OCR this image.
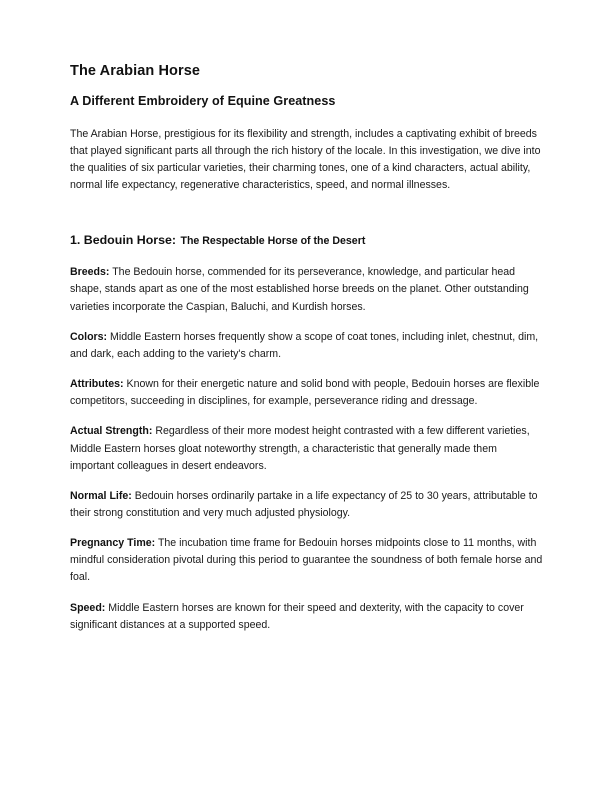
The Arabian Horse
A Different Embroidery of Equine Greatness

The Arabian Horse, prestigious for its flexibility and strength, includes a captivating exhibit of breeds that played significant parts all through the rich history of the locale. In this investigation, we dive into the qualities of six particular varieties, their charming tones, one of a kind characters, actual ability, normal life expectancy, regenerative characteristics, speed, and normal illnesses.

1. Bedouin Horse: The Respectable Horse of the Desert

Breeds: The Bedouin horse, commended for its perseverance, knowledge, and particular head shape, stands apart as one of the most established horse breeds on the planet. Other outstanding varieties incorporate the Caspian, Baluchi, and Kurdish horses.

Colors: Middle Eastern horses frequently show a scope of coat tones, including inlet, chestnut, dim, and dark, each adding to the variety's charm.

Attributes: Known for their energetic nature and solid bond with people, Bedouin horses are flexible competitors, succeeding in disciplines, for example, perseverance riding and dressage.

Actual Strength: Regardless of their more modest height contrasted with a few different varieties, Middle Eastern horses gloat noteworthy strength, a characteristic that generally made them important colleagues in desert endeavors.

Normal Life: Bedouin horses ordinarily partake in a life expectancy of 25 to 30 years, attributable to their strong constitution and very much adjusted physiology.

Pregnancy Time: The incubation time frame for Bedouin horses midpoints close to 11 months, with mindful consideration pivotal during this period to guarantee the soundness of both female horse and foal.

Speed: Middle Eastern horses are known for their speed and dexterity, with the capacity to cover significant distances at a supported speed.
